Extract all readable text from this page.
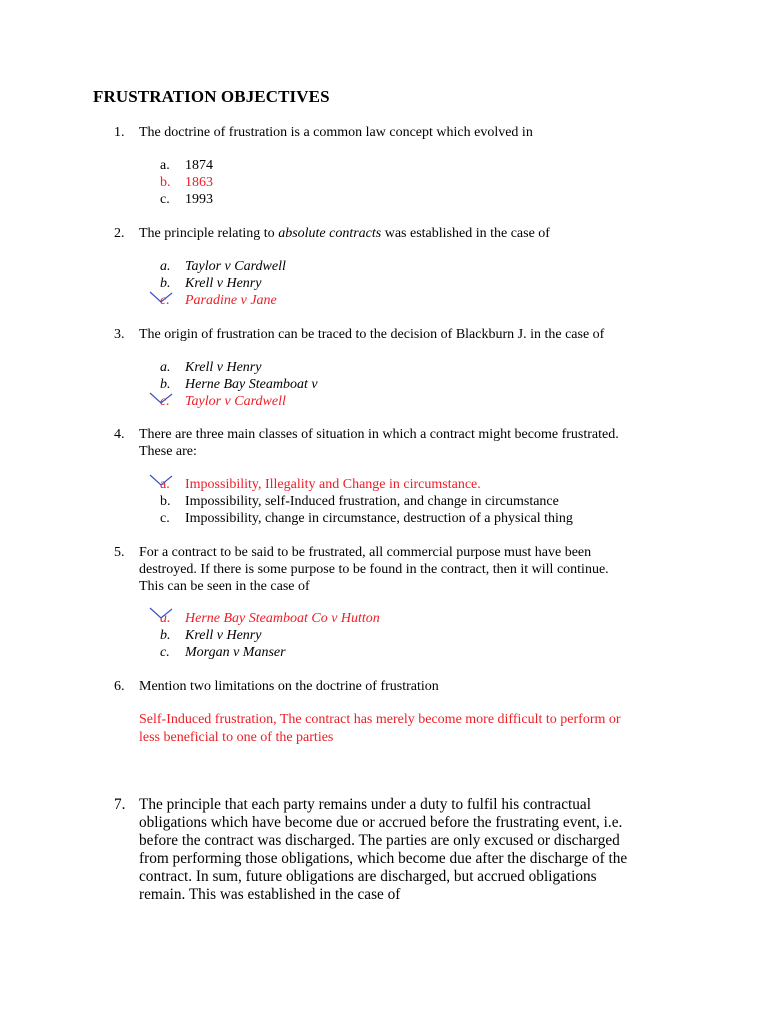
FRUSTRATION OBJECTIVES
1.	The doctrine of frustration is a common law concept which evolved in
a. 1874
b. 1863
c. 1993
2.	The principle relating to absolute contracts was established in the case of
a. Taylor v Cardwell
b. Krell v Henry
c. Paradine v Jane
3.	The origin of frustration can be traced to the decision of Blackburn J. in the case of
a. Krell v Henry
b. Herne Bay Steamboat v
c. Taylor v Cardwell
4.	There are three main classes of situation in which a contract might become frustrated.
These are:
a. Impossibility, Illegality and Change in circumstance.
b. Impossibility, self-Induced frustration, and change in circumstance
c. Impossibility, change in circumstance, destruction of a physical thing
5.	For a contract to be said to be frustrated, all commercial purpose must have been
destroyed. If there is some purpose to be found in the contract, then it will continue.
This can be seen in the case of
a. Herne Bay Steamboat Co v Hutton
b. Krell v Henry
c. Morgan v Manser
6.	Mention two limitations on the doctrine of frustration
Self-Induced frustration, The contract has merely become more difficult to perform or
less beneficial to one of the parties
7. The principle that each party remains under a duty to fulfil his contractual
obligations which have become due or accrued before the frustrating event, i.e.
before the contract was discharged. The parties are only excused or discharged
from performing those obligations, which become due after the discharge of the
contract. In sum, future obligations are discharged, but accrued obligations
remain. This was established in the case of
